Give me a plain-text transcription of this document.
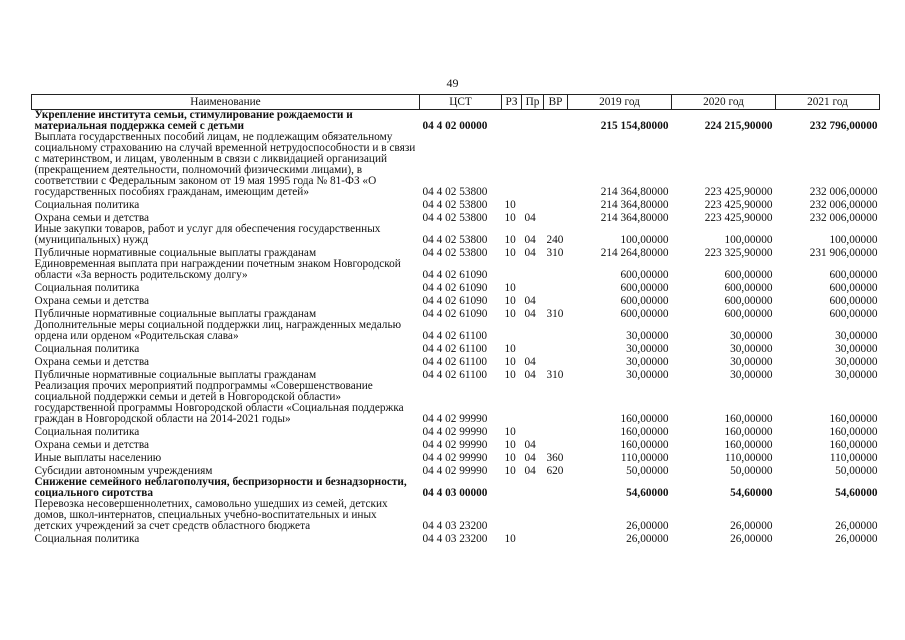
49
Наименование	ЦСТ	РЗ	Пр	ВР	2019 год	2020 год	2021 год
Укрепление института семьи, стимулирование рождаемости и материальная поддержка семей с детьми	04 4 02 00000				215 154,80000	224 215,90000	232 796,00000
Выплата государственных пособий лицам, не подлежащим обязательному социальному страхованию на случай временной нетрудоспособности и в связи с материнством, и лицам, уволенным в связи с ликвидацией организаций (прекращением деятельности, полномочий физическими лицами), в соответствии с Федеральным законом от 19 мая 1995 года № 81-ФЗ «О государственных пособиях гражданам, имеющим детей»	04 4 02 53800				214 364,80000	223 425,90000	232 006,00000
Социальная политика	04 4 02 53800	10			214 364,80000	223 425,90000	232 006,00000
Охрана семьи и детства	04 4 02 53800	10	04		214 364,80000	223 425,90000	232 006,00000
Иные закупки товаров, работ и услуг для обеспечения государственных (муниципальных) нужд	04 4 02 53800	10	04	240	100,00000	100,00000	100,00000
Публичные нормативные социальные выплаты гражданам	04 4 02 53800	10	04	310	214 264,80000	223 325,90000	231 906,00000
Единовременная выплата при награждении почетным знаком Новгородской области «За верность родительскому долгу»	04 4 02 61090				600,00000	600,00000	600,00000
Социальная политика	04 4 02 61090	10			600,00000	600,00000	600,00000
Охрана семьи и детства	04 4 02 61090	10	04		600,00000	600,00000	600,00000
Публичные нормативные социальные выплаты гражданам	04 4 02 61090	10	04	310	600,00000	600,00000	600,00000
Дополнительные меры социальной поддержки лиц, награжденных медалью ордена или орденом «Родительская слава»	04 4 02 61100				30,00000	30,00000	30,00000
Социальная политика	04 4 02 61100	10			30,00000	30,00000	30,00000
Охрана семьи и детства	04 4 02 61100	10	04		30,00000	30,00000	30,00000
Публичные нормативные социальные выплаты гражданам	04 4 02 61100	10	04	310	30,00000	30,00000	30,00000
Реализация прочих мероприятий подпрограммы «Совершенствование социальной поддержки семьи и детей в Новгородской области» государственной программы Новгородской области «Социальная поддержка граждан в Новгородской области на 2014-2021 годы»	04 4 02 99990				160,00000	160,00000	160,00000
Социальная политика	04 4 02 99990	10			160,00000	160,00000	160,00000
Охрана семьи и детства	04 4 02 99990	10	04		160,00000	160,00000	160,00000
Иные выплаты населению	04 4 02 99990	10	04	360	110,00000	110,00000	110,00000
Субсидии автономным учреждениям	04 4 02 99990	10	04	620	50,00000	50,00000	50,00000
Снижение семейного неблагополучия, беспризорности и безнадзорности, социального сиротства	04 4 03 00000				54,60000	54,60000	54,60000
Перевозка несовершеннолетних, самовольно ушедших из семей, детских домов, школ-интернатов, специальных учебно-воспитательных и иных детских учреждений за счет средств областного бюджета	04 4 03 23200				26,00000	26,00000	26,00000
Социальная политика	04 4 03 23200	10			26,00000	26,00000	26,00000
